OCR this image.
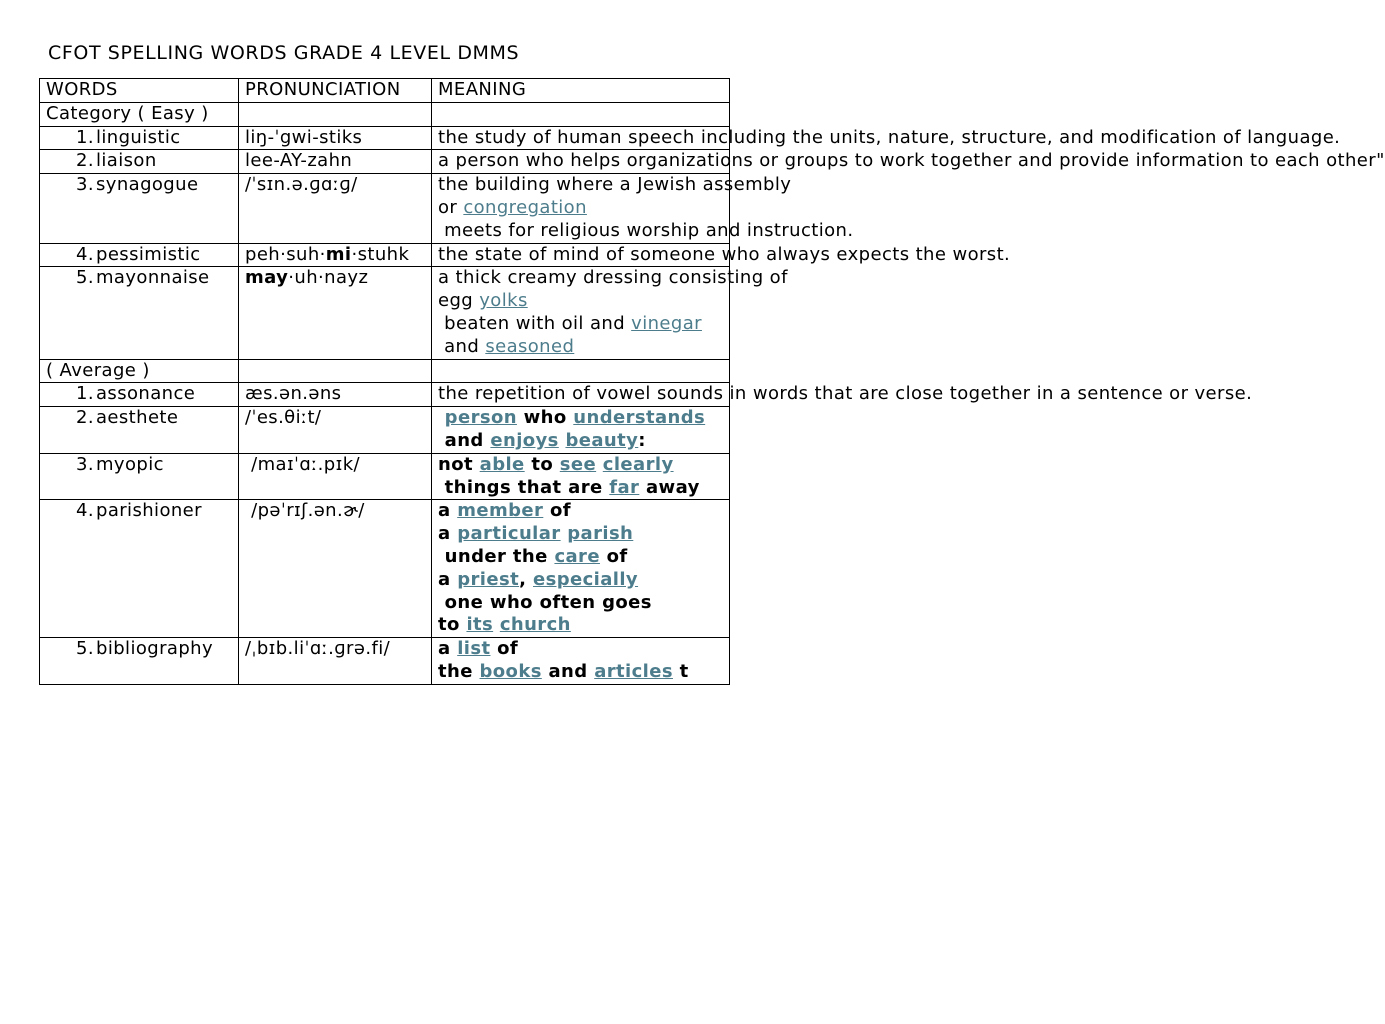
CFOT SPELLING WORDS GRADE 4 LEVEL DMMS
WORDS	PRONUNCIATION	MEANING
Category ( Easy )		
1. linguistic	liŋ-ˈgwi-stiks	the study of human speech including the units, nature, structure, and modification of language.
2. liaison	lee-AY-zahn	a person who helps organizations or groups to work together and provide information to each other"
3. synagogue	/ˈsɪn.ə.ɡɑːɡ/	the building where a Jewish assembly
or congregation meets for religious worship and instruction.
4. pessimistic	peh·suh·mi·stuhk	the state of mind of someone who always expects the worst.
5. mayonnaise	may·uh·nayz	a thick creamy dressing consisting of
egg yolks beaten with oil and vinegar and seasoned
( Average )		
1. assonance	æs.ən.əns	the repetition of vowel sounds in words that are close together in a sentence or verse.
2. aesthete	/ˈes.θiːt/	person who understands and enjoys beauty:
3. myopic	/maɪˈɑː.pɪk/	not able to see clearly things that are far away
4. parishioner	/pəˈrɪʃ.ən.ɚ/	a member of
a particular parish under the care of
a priest, especially one who often goes
to its church
5. bibliography	/ˌbɪb.liˈɑː.ɡrə.fi/	a list of
the books and articles t
